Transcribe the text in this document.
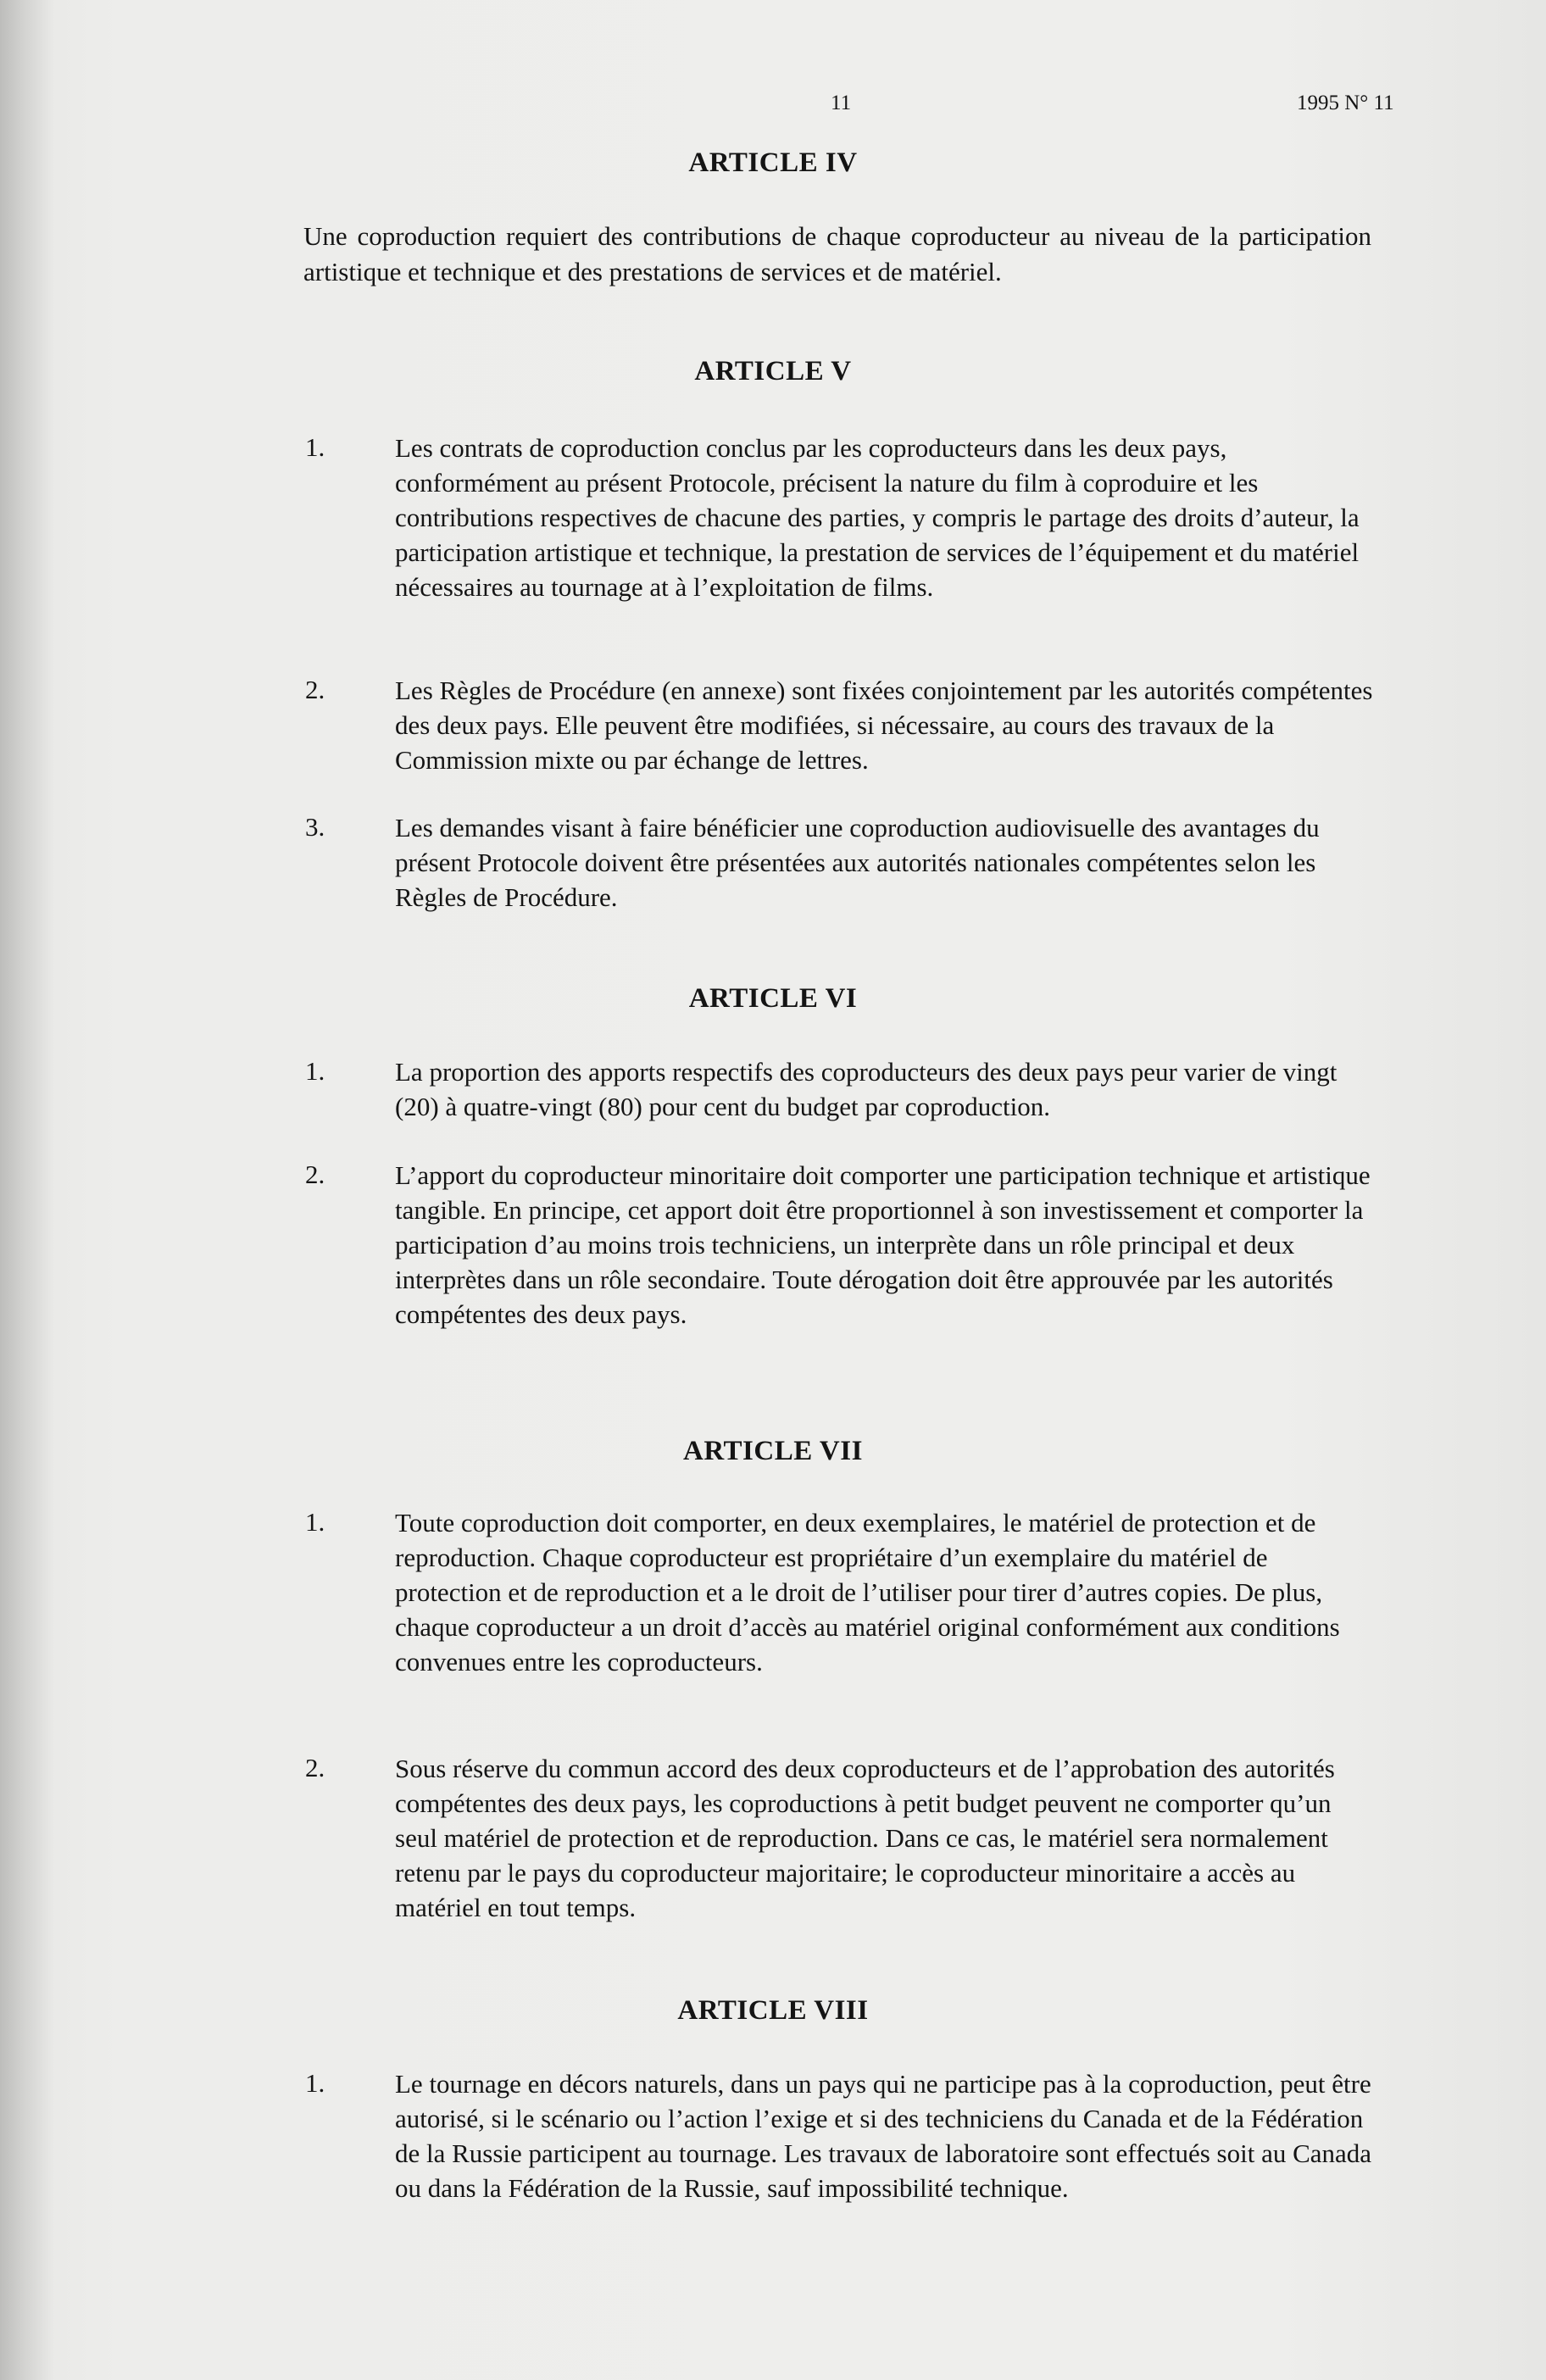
11	1995 N° 11
ARTICLE IV

Une coproduction requiert des contributions de chaque coproducteur au niveau de la participation artistique et technique et des prestations de services et de matériel.

ARTICLE V
1.	Les contrats de coproduction conclus par les coproducteurs dans les deux pays, conformément au présent Protocole, précisent la nature du film à coproduire et les contributions respectives de chacune des parties, y compris le partage des droits d’auteur, la participation artistique et technique, la prestation de services de l’équipement et du matériel nécessaires au tournage at à l’exploitation de films.

2.	Les Règles de Procédure (en annexe) sont fixées conjointement par les autorités compétentes des deux pays. Elle peuvent être modifiées, si nécessaire, au cours des travaux de la Commission mixte ou par échange de lettres.

3.	Les demandes visant à faire bénéficier une coproduction audiovisuelle des avantages du présent Protocole doivent être présentées aux autorités nationales compétentes selon les Règles de Procédure.

ARTICLE VI
1.	La proportion des apports respectifs des coproducteurs des deux pays peur varier de vingt (20) à quatre-vingt (80) pour cent du budget par coproduction.

2.	L’apport du coproducteur minoritaire doit comporter une participation technique et artistique tangible. En principe, cet apport doit être proportionnel à son investissement et comporter la participation d’au moins trois techniciens, un interprète dans un rôle principal et deux interprètes dans un rôle secondaire. Toute dérogation doit être approuvée par les autorités compétentes des deux pays.

ARTICLE VII
1.	Toute coproduction doit comporter, en deux exemplaires, le matériel de protection et de reproduction. Chaque coproducteur est propriétaire d’un exemplaire du matériel de protection et de reproduction et a le droit de l’utiliser pour tirer d’autres copies. De plus, chaque coproducteur a un droit d’accès au matériel original conformément aux conditions convenues entre les coproducteurs.

2.	Sous réserve du commun accord des deux coproducteurs et de l’approbation des autorités compétentes des deux pays, les coproductions à petit budget peuvent ne comporter qu’un seul matériel de protection et de reproduction. Dans ce cas, le matériel sera normalement retenu par le pays du coproducteur majoritaire; le coproducteur minoritaire a accès au matériel en tout temps.

ARTICLE VIII
1.	Le tournage en décors naturels, dans un pays qui ne participe pas à la coproduction, peut être autorisé, si le scénario ou l’action l’exige et si des techniciens du Canada et de la Fédération de la Russie participent au tournage. Les travaux de laboratoire sont effectués soit au Canada ou dans la Fédération de la Russie, sauf impossibilité technique.
